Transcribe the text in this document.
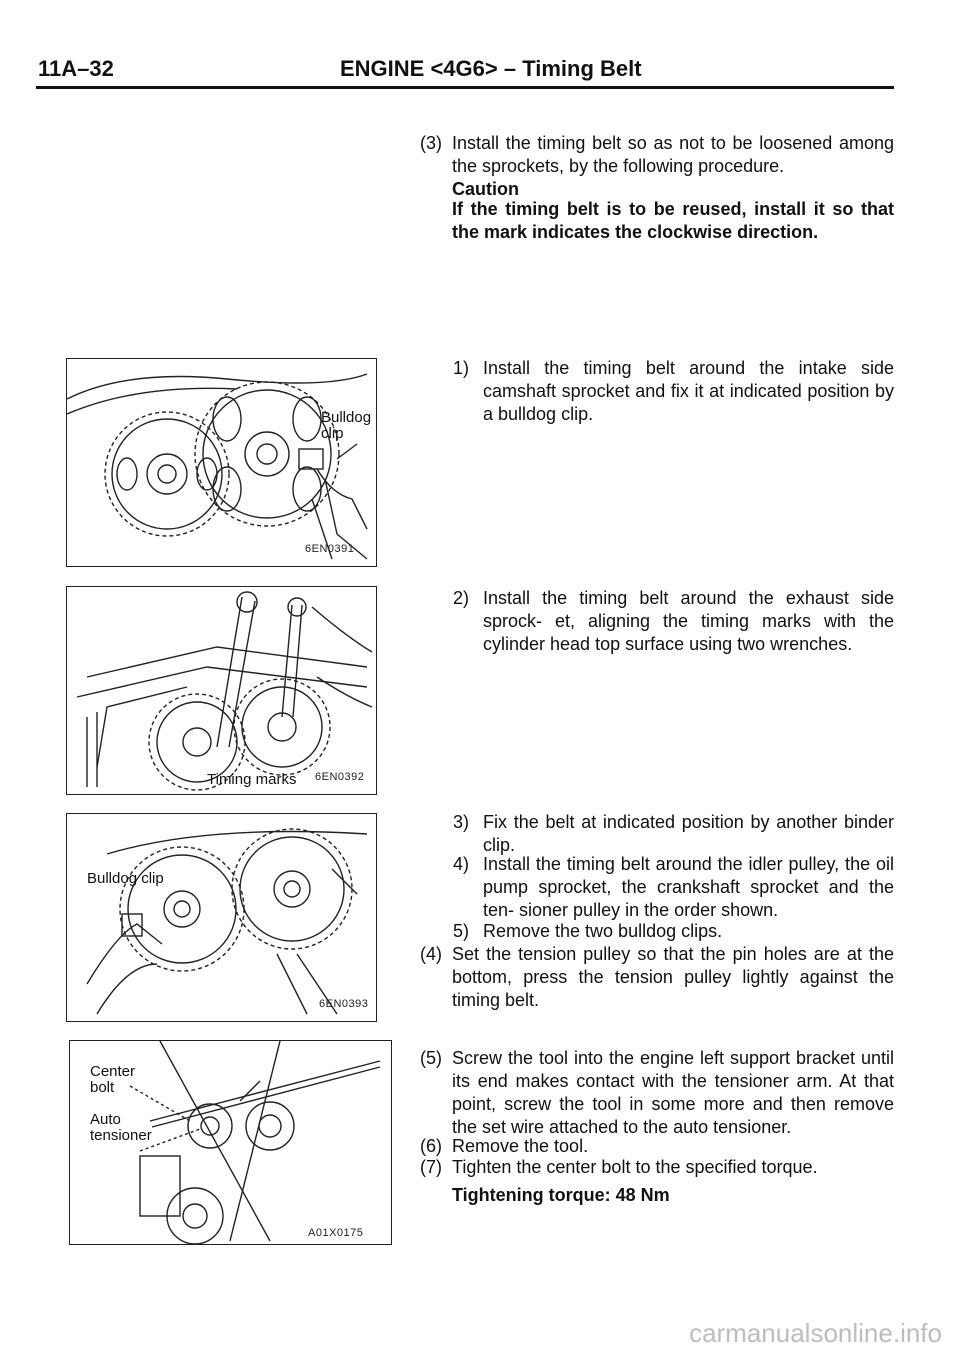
11A–32	ENGINE <4G6> – Timing Belt
(3) Install the timing belt so as not to be loosened among the sprockets, by the following procedure.
Caution
If the timing belt is to be reused, install it so that the mark indicates the clockwise direction.
1) Install the timing belt around the intake side camshaft sprocket and fix it at indicated position by a bulldog clip.
2) Install the timing belt around the exhaust side sprock- et, aligning the timing marks with the cylinder head top surface using two wrenches.
3) Fix the belt at indicated position by another binder clip.
4) Install the timing belt around the idler pulley, the oil pump sprocket, the crankshaft sprocket and the ten- sioner pulley in the order shown.
5) Remove the two bulldog clips.
(4) Set the tension pulley so that the pin holes are at the bottom, press the tension pulley lightly against the timing belt.
(5) Screw the tool into the engine left support bracket until its end makes contact with the tensioner arm. At that point, screw the tool in some more and then remove the set wire attached to the auto tensioner.
(6) Remove the tool.
(7) Tighten the center bolt to the specified torque.
Tightening torque: 48 Nm
Bulldog
clip
6EN0391
Timing marks 6EN0392
Bulldog clip
6EN0393
Center
bolt
Auto
tensioner
A01X0175
carmanualsonline.info
